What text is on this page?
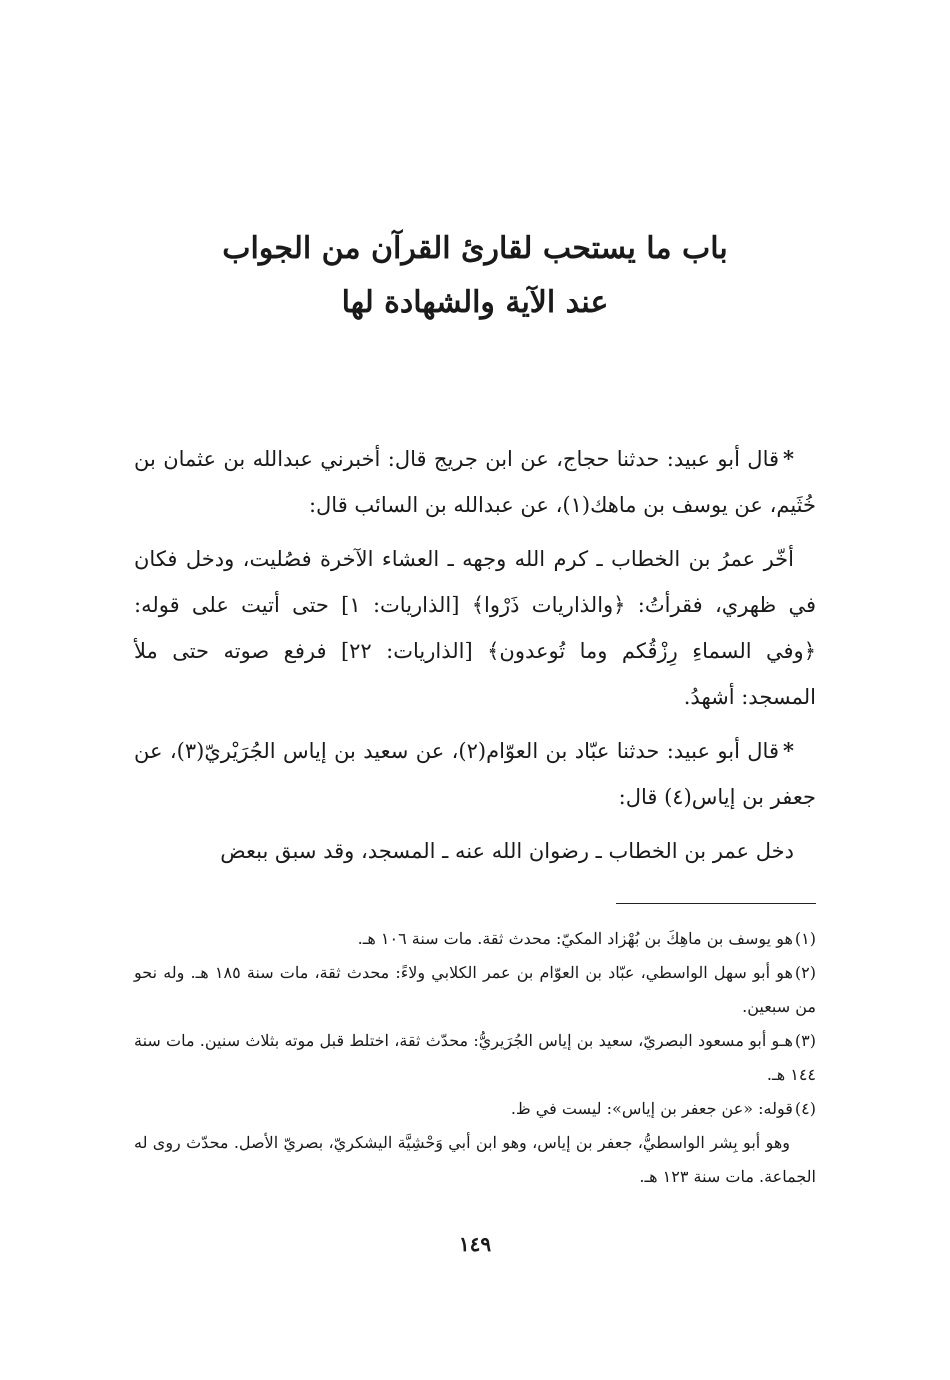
باب ما يستحب لقارئ القرآن من الجواب
عند الآية والشهادة لها

*قال أبو عبيد: حدثنا حجاج، عن ابن جريج قال: أخبرني عبدالله بن عثمان بن خُثَيم، عن يوسف بن ماهك(١)، عن عبدالله بن السائب قال:

أخّر عمرُ بن الخطاب ـ كرم الله وجهه ـ العشاء الآخرة فصُليت، ودخل فكان في ظهري، فقرأتُ: ﴿والذاريات ذَرْوا﴾ [الذاريات: ١] حتى أتيت على قوله: ﴿وفي السماءِ رِزْقُكم وما تُوعدون﴾ [الذاريات: ٢٢] فرفع صوته حتى ملأ المسجد: أشهدُ.

*قال أبو عبيد: حدثنا عبّاد بن العوّام(٢)، عن سعيد بن إياس الجُرَيْريّ(٣)، عن جعفر بن إياس(٤) قال:

دخل عمر بن الخطاب ـ رضوان الله عنه ـ المسجد، وقد سبق ببعض

(١)هو يوسف بن ماهِكَ بن بُهْزاد المكيّ: محدث ثقة. مات سنة ١٠٦ هـ.

(٢)هو أبو سهل الواسطي، عبّاد بن العوّام بن عمر الكلابي ولاءً: محدث ثقة، مات سنة ١٨٥ هـ. وله نحو من سبعين.

(٣)هـو أبو مسعود البصريّ، سعيد بن إياس الجُرَيريُّ: محدّث ثقة، اختلط قبل موته بثلاث سنين. مات سنة ١٤٤ هـ.

(٤)قوله: «عن جعفر بن إياس»: ليست في ظ.

وهو أبو بِشر الواسطيُّ، جعفر بن إياس، وهو ابن أبي وَحْشِيَّة اليشكريّ، بصريّ الأصل. محدّث روى له الجماعة. مات سنة ١٢٣ هـ.

١٤٩
